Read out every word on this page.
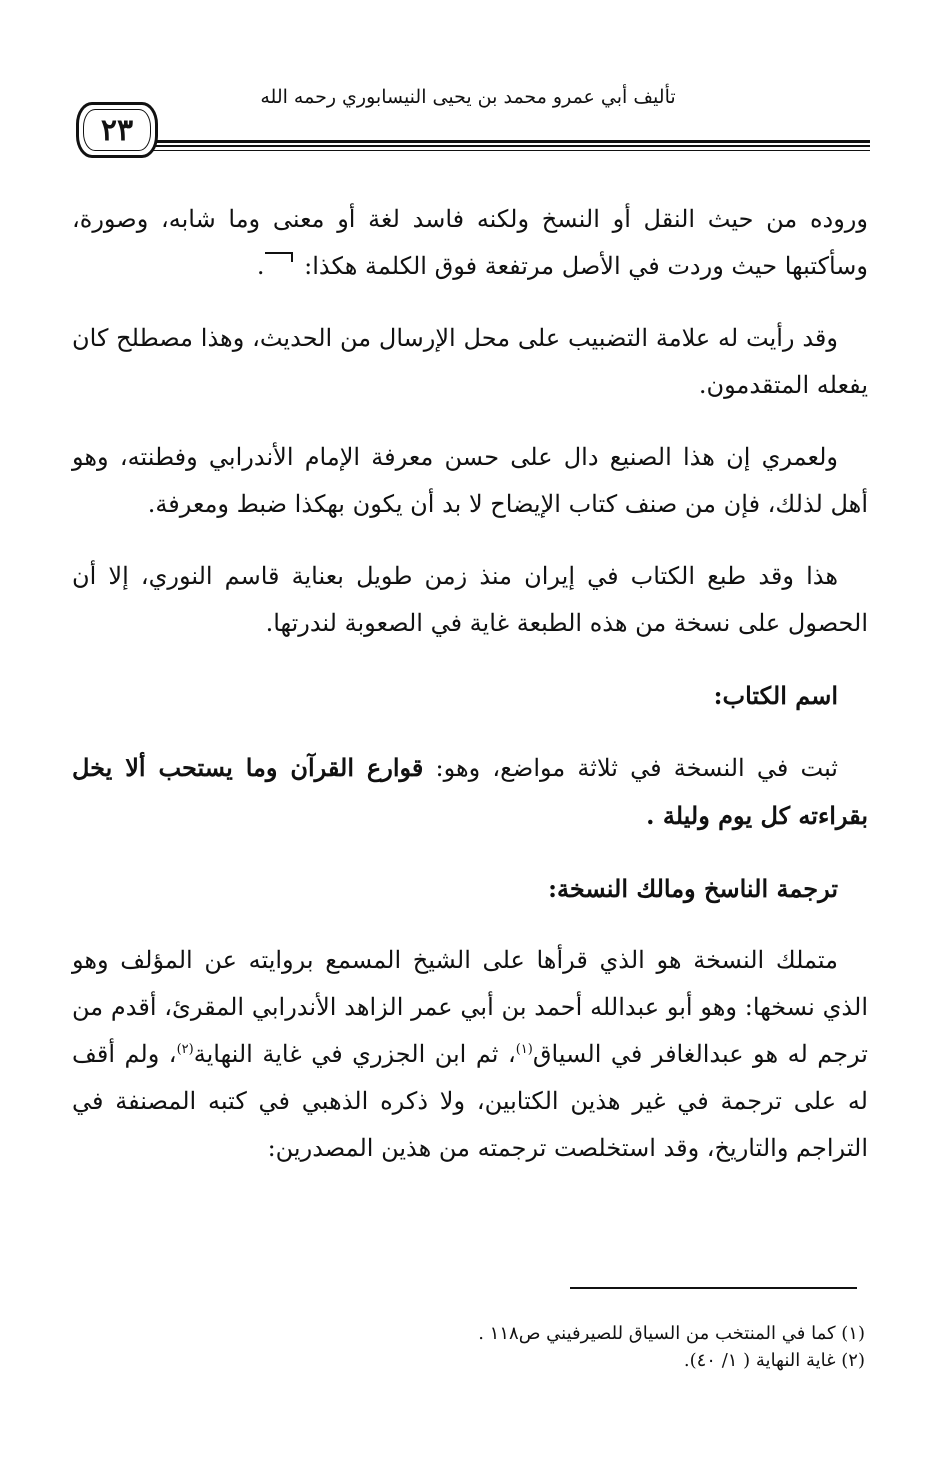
تأليف أبي عمرو محمد بن يحيى النيسابوري رحمه الله
٢٣

وروده من حيث النقل أو النسخ ولكنه فاسد لغة أو معنى وما شابه، وصورة، وسأكتبها حيث وردت في الأصل مرتفعة فوق الكلمة هكذا: .

وقد رأيت له علامة التضبيب على محل الإرسال من الحديث، وهذا مصطلح كان يفعله المتقدمون.

ولعمري إن هذا الصنيع دال على حسن معرفة الإمام الأندرابي وفطنته، وهو أهل لذلك، فإن من صنف كتاب الإيضاح لا بد أن يكون بهكذا ضبط ومعرفة.

هذا وقد طبع الكتاب في إيران منذ زمن طويل بعناية قاسم النوري، إلا أن الحصول على نسخة من هذه الطبعة غاية في الصعوبة لندرتها.

اسم الكتاب:

ثبت في النسخة في ثلاثة مواضع، وهو: قوارع القرآن وما يستحب ألا يخل بقراءته كل يوم وليلة .

ترجمة الناسخ ومالك النسخة:

متملك النسخة هو الذي قرأها على الشيخ المسمع بروايته عن المؤلف وهو الذي نسخها: وهو أبو عبدالله أحمد بن أبي عمر الزاهد الأندرابي المقرئ، أقدم من ترجم له هو عبدالغافر في السياق$^{(١)}$، ثم ابن الجزري في غاية النهاية$^{(٢)}$، ولم أقف له على ترجمة في غير هذين الكتابين، ولا ذكره الذهبي في كتبه المصنفة في التراجم والتاريخ، وقد استخلصت ترجمته من هذين المصدرين:

(١) كما في المنتخب من السياق للصيرفيني ص١١٨ .

(٢) غاية النهاية ( ١/ ٤٠).
